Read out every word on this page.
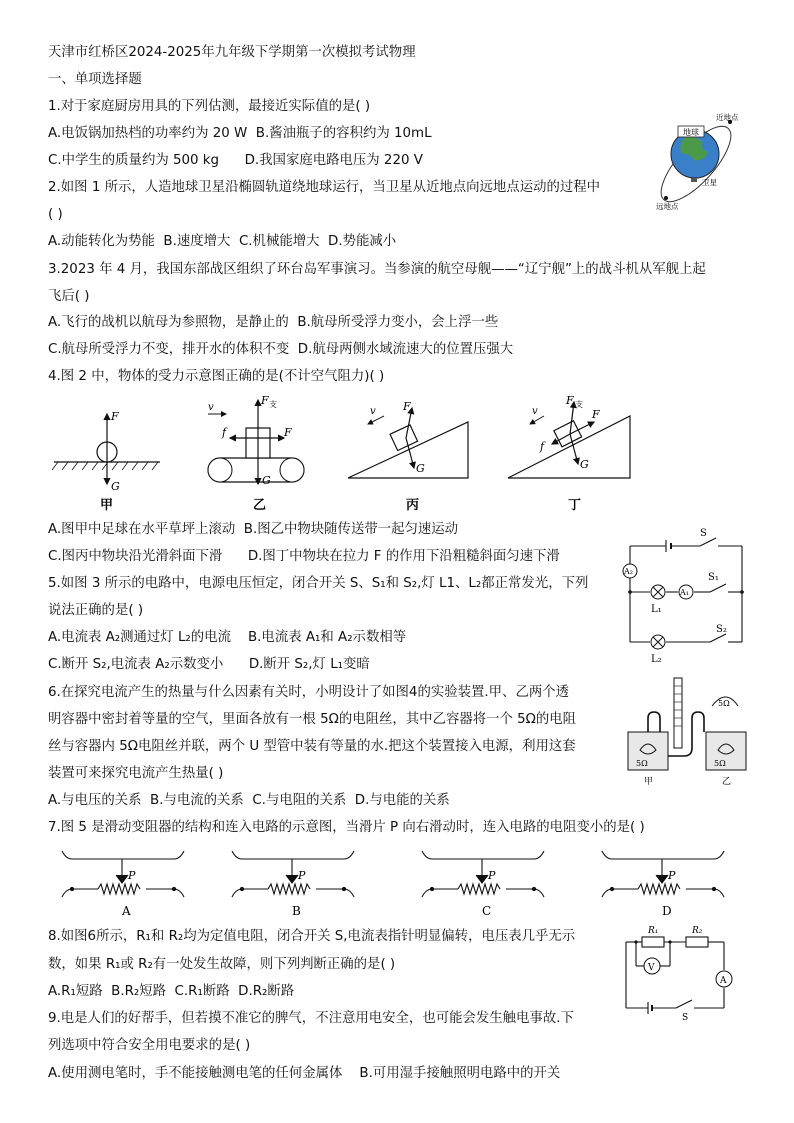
天津市红桥区2024-2025年九年级下学期第一次模拟考试物理
一、单项选择题
1.对于家庭厨房用具的下列估测，最接近实际值的是( )
A.电饭锅加热档的功率约为 20 W  B.酱油瓶子的容积约为 10mL
C.中学生的质量约为 500 kg      D.我国家庭电路电压为 220 V
2.如图 1 所示，人造地球卫星沿椭圆轨道绕地球运行，当卫星从近地点向远地点运动的过程中
( )
A.动能转化为势能  B.速度增大  C.机械能增大  D.势能减小
3.2023 年 4 月，我国东部战区组织了环台岛军事演习。当参演的航空母舰——“辽宁舰”上的战斗机从军舰上起
飞后( )
A.飞行的战机以航母为参照物，是静止的  B.航母所受浮力变小，会上浮一些
C.航母所受浮力不变，排开水的体积不变  D.航母两侧水域流速大的位置压强大
4.图 2 中，物体的受力示意图正确的是(不计空气阻力)( )
A.图甲中足球在水平草坪上滚动  B.图乙中物块随传送带一起匀速运动
C.图丙中物块沿光滑斜面下滑      D.图丁中物块在拉力 F 的作用下沿粗糙斜面匀速下滑
5.如图 3 所示的电路中，电源电压恒定，闭合开关 S、S₁和 S₂,灯 L1、L₂都正常发光，下列
说法正确的是( )
A.电流表 A₂测通过灯 L₂的电流    B.电流表 A₁和 A₂示数相等
C.断开 S₂,电流表 A₂示数变小      D.断开 S₂,灯 L₁变暗
6.在探究电流产生的热量与什么因素有关时，小明设计了如图4的实验装置.甲、乙两个透
明容器中密封着等量的空气，里面各放有一根 5Ω的电阻丝，其中乙容器将一个 5Ω的电阻
丝与容器内 5Ω电阻丝并联，两个 U 型管中装有等量的水.把这个装置接入电源，利用这套
装置可来探究电流产生热量( )
A.与电压的关系  B.与电流的关系  C.与电阻的关系  D.与电能的关系
7.图 5 是滑动变阻器的结构和连入电路的示意图，当滑片 P 向右滑动时，连入电路的电阻变小的是( )
8.如图6所示，R₁和 R₂均为定值电阻，闭合开关 S,电流表指针明显偏转，电压表几乎无示
数，如果 R₁或 R₂有一处发生故障，则下列判断正确的是( )
A.R₁短路  B.R₂短路  C.R₁断路  D.R₂断路
9.电是人们的好帮手，但若摸不准它的脾气，不注意用电安全，也可能会发生触电事故.下
列选项中符合安全用电要求的是( )
A.使用测电笔时，手不能接触测电笔的任何金属体    B.可用湿手接触照明电路中的开关
地球
近地点
远地点
卫星
F
G
甲
v
F 支
f	F
G
乙
v F
G
丙
v
F 支
f
F
G
丁
A₂
A₁
S
S₁
S₂
L₁
L₂
5Ω
5Ω	5Ω
甲	乙
P	P	P	P
A	B	C	D
V
A
R₁	R₂
S
